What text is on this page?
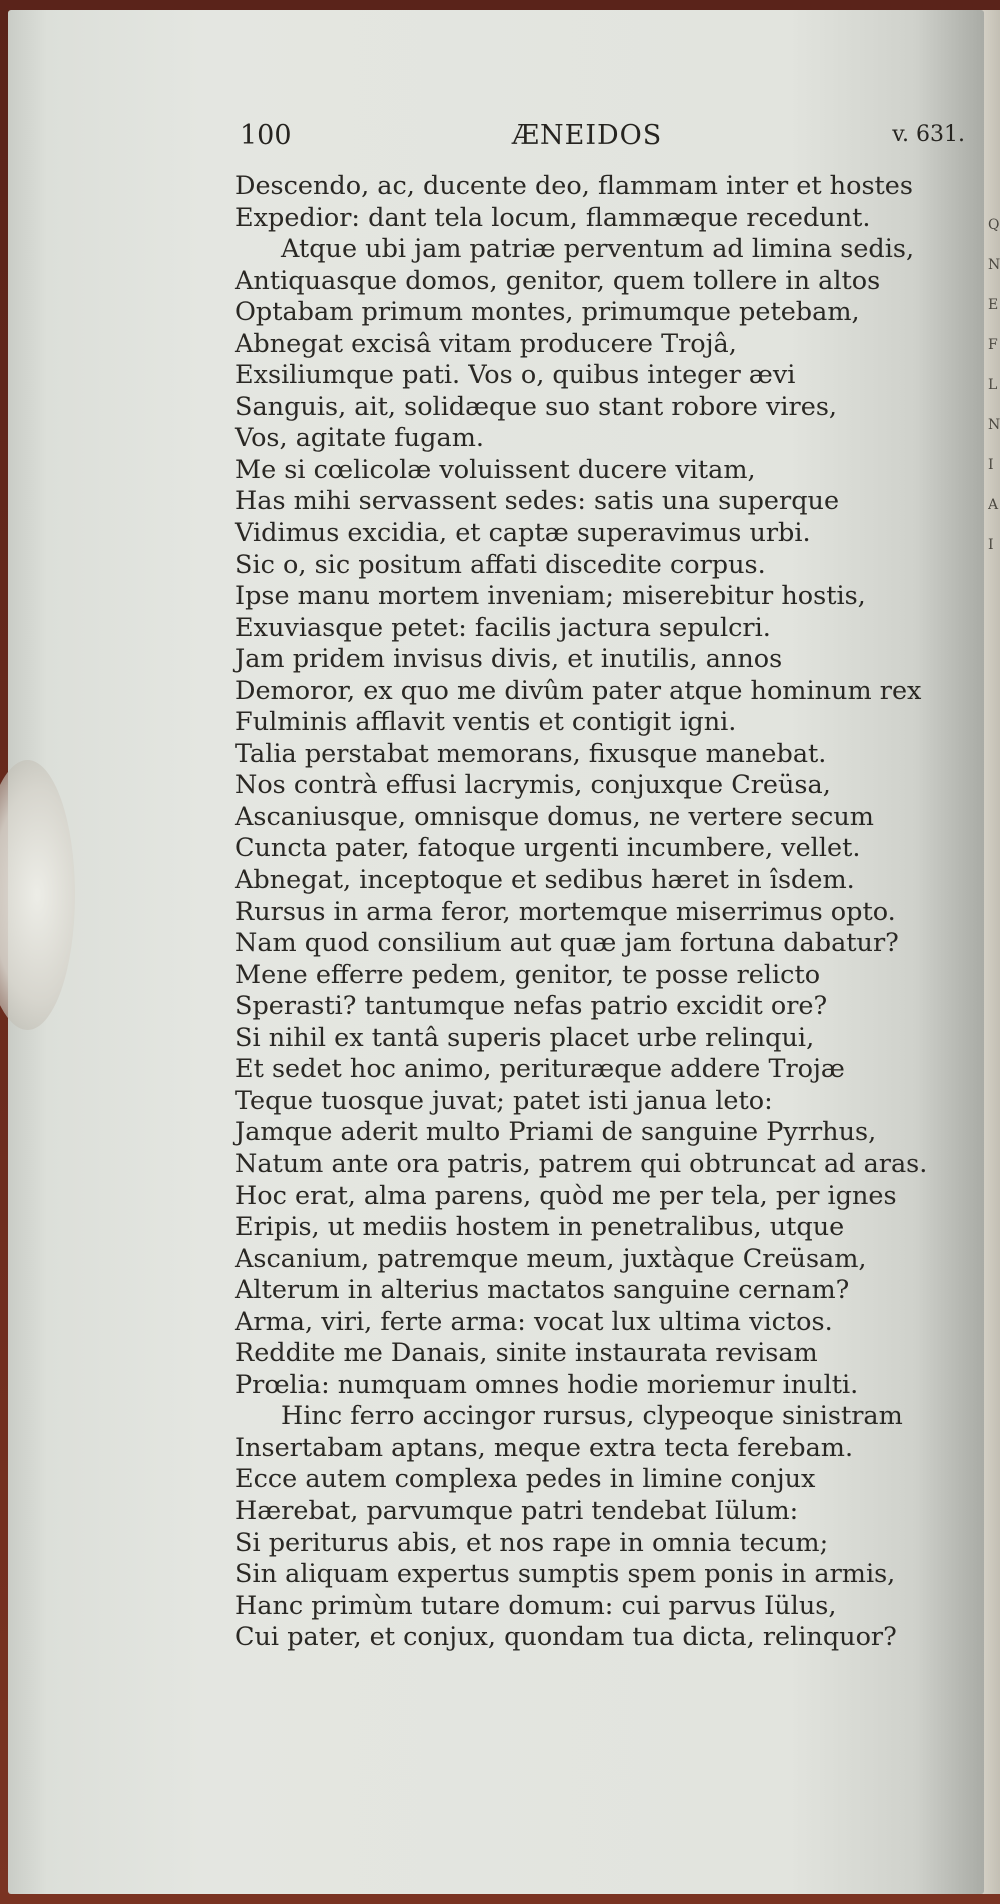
Q
N
E
F
L
N
I
A
I
100	ÆNEIDOS	v. 631.
Descendo, ac, ducente deo, flammam inter et hostes
Expedior: dant tela locum, flammæque recedunt.
Atque ubi jam patriæ perventum ad limina sedis,
Antiquasque domos, genitor, quem tollere in altos
Optabam primum montes, primumque petebam,
Abnegat excisâ vitam producere Trojâ,
Exsiliumque pati. Vos o, quibus integer ævi
Sanguis, ait, solidæque suo stant robore vires,
Vos, agitate fugam.
Me si cœlicolæ voluissent ducere vitam,
Has mihi servassent sedes: satis una superque
Vidimus excidia, et captæ superavimus urbi.
Sic o, sic positum affati discedite corpus.
Ipse manu mortem inveniam; miserebitur hostis,
Exuviasque petet: facilis jactura sepulcri.
Jam pridem invisus divis, et inutilis, annos
Demoror, ex quo me divûm pater atque hominum rex
Fulminis afflavit ventis et contigit igni.
Talia perstabat memorans, fixusque manebat.
Nos contrà effusi lacrymis, conjuxque Creüsa,
Ascaniusque, omnisque domus, ne vertere secum
Cuncta pater, fatoque urgenti incumbere, vellet.
Abnegat, inceptoque et sedibus hæret in îsdem.
Rursus in arma feror, mortemque miserrimus opto.
Nam quod consilium aut quæ jam fortuna dabatur?
Mene efferre pedem, genitor, te posse relicto
Sperasti? tantumque nefas patrio excidit ore?
Si nihil ex tantâ superis placet urbe relinqui,
Et sedet hoc animo, perituræque addere Trojæ
Teque tuosque juvat; patet isti janua leto:
Jamque aderit multo Priami de sanguine Pyrrhus,
Natum ante ora patris, patrem qui obtruncat ad aras.
Hoc erat, alma parens, quòd me per tela, per ignes
Eripis, ut mediis hostem in penetralibus, utque
Ascanium, patremque meum, juxtàque Creüsam,
Alterum in alterius mactatos sanguine cernam?
Arma, viri, ferte arma: vocat lux ultima victos.
Reddite me Danais, sinite instaurata revisam
Prœlia: numquam omnes hodie moriemur inulti.
Hinc ferro accingor rursus, clypeoque sinistram
Insertabam aptans, meque extra tecta ferebam.
Ecce autem complexa pedes in limine conjux
Hærebat, parvumque patri tendebat Iülum:
Si periturus abis, et nos rape in omnia tecum;
Sin aliquam expertus sumptis spem ponis in armis,
Hanc primùm tutare domum: cui parvus Iülus,
Cui pater, et conjux, quondam tua dicta, relinquor?
